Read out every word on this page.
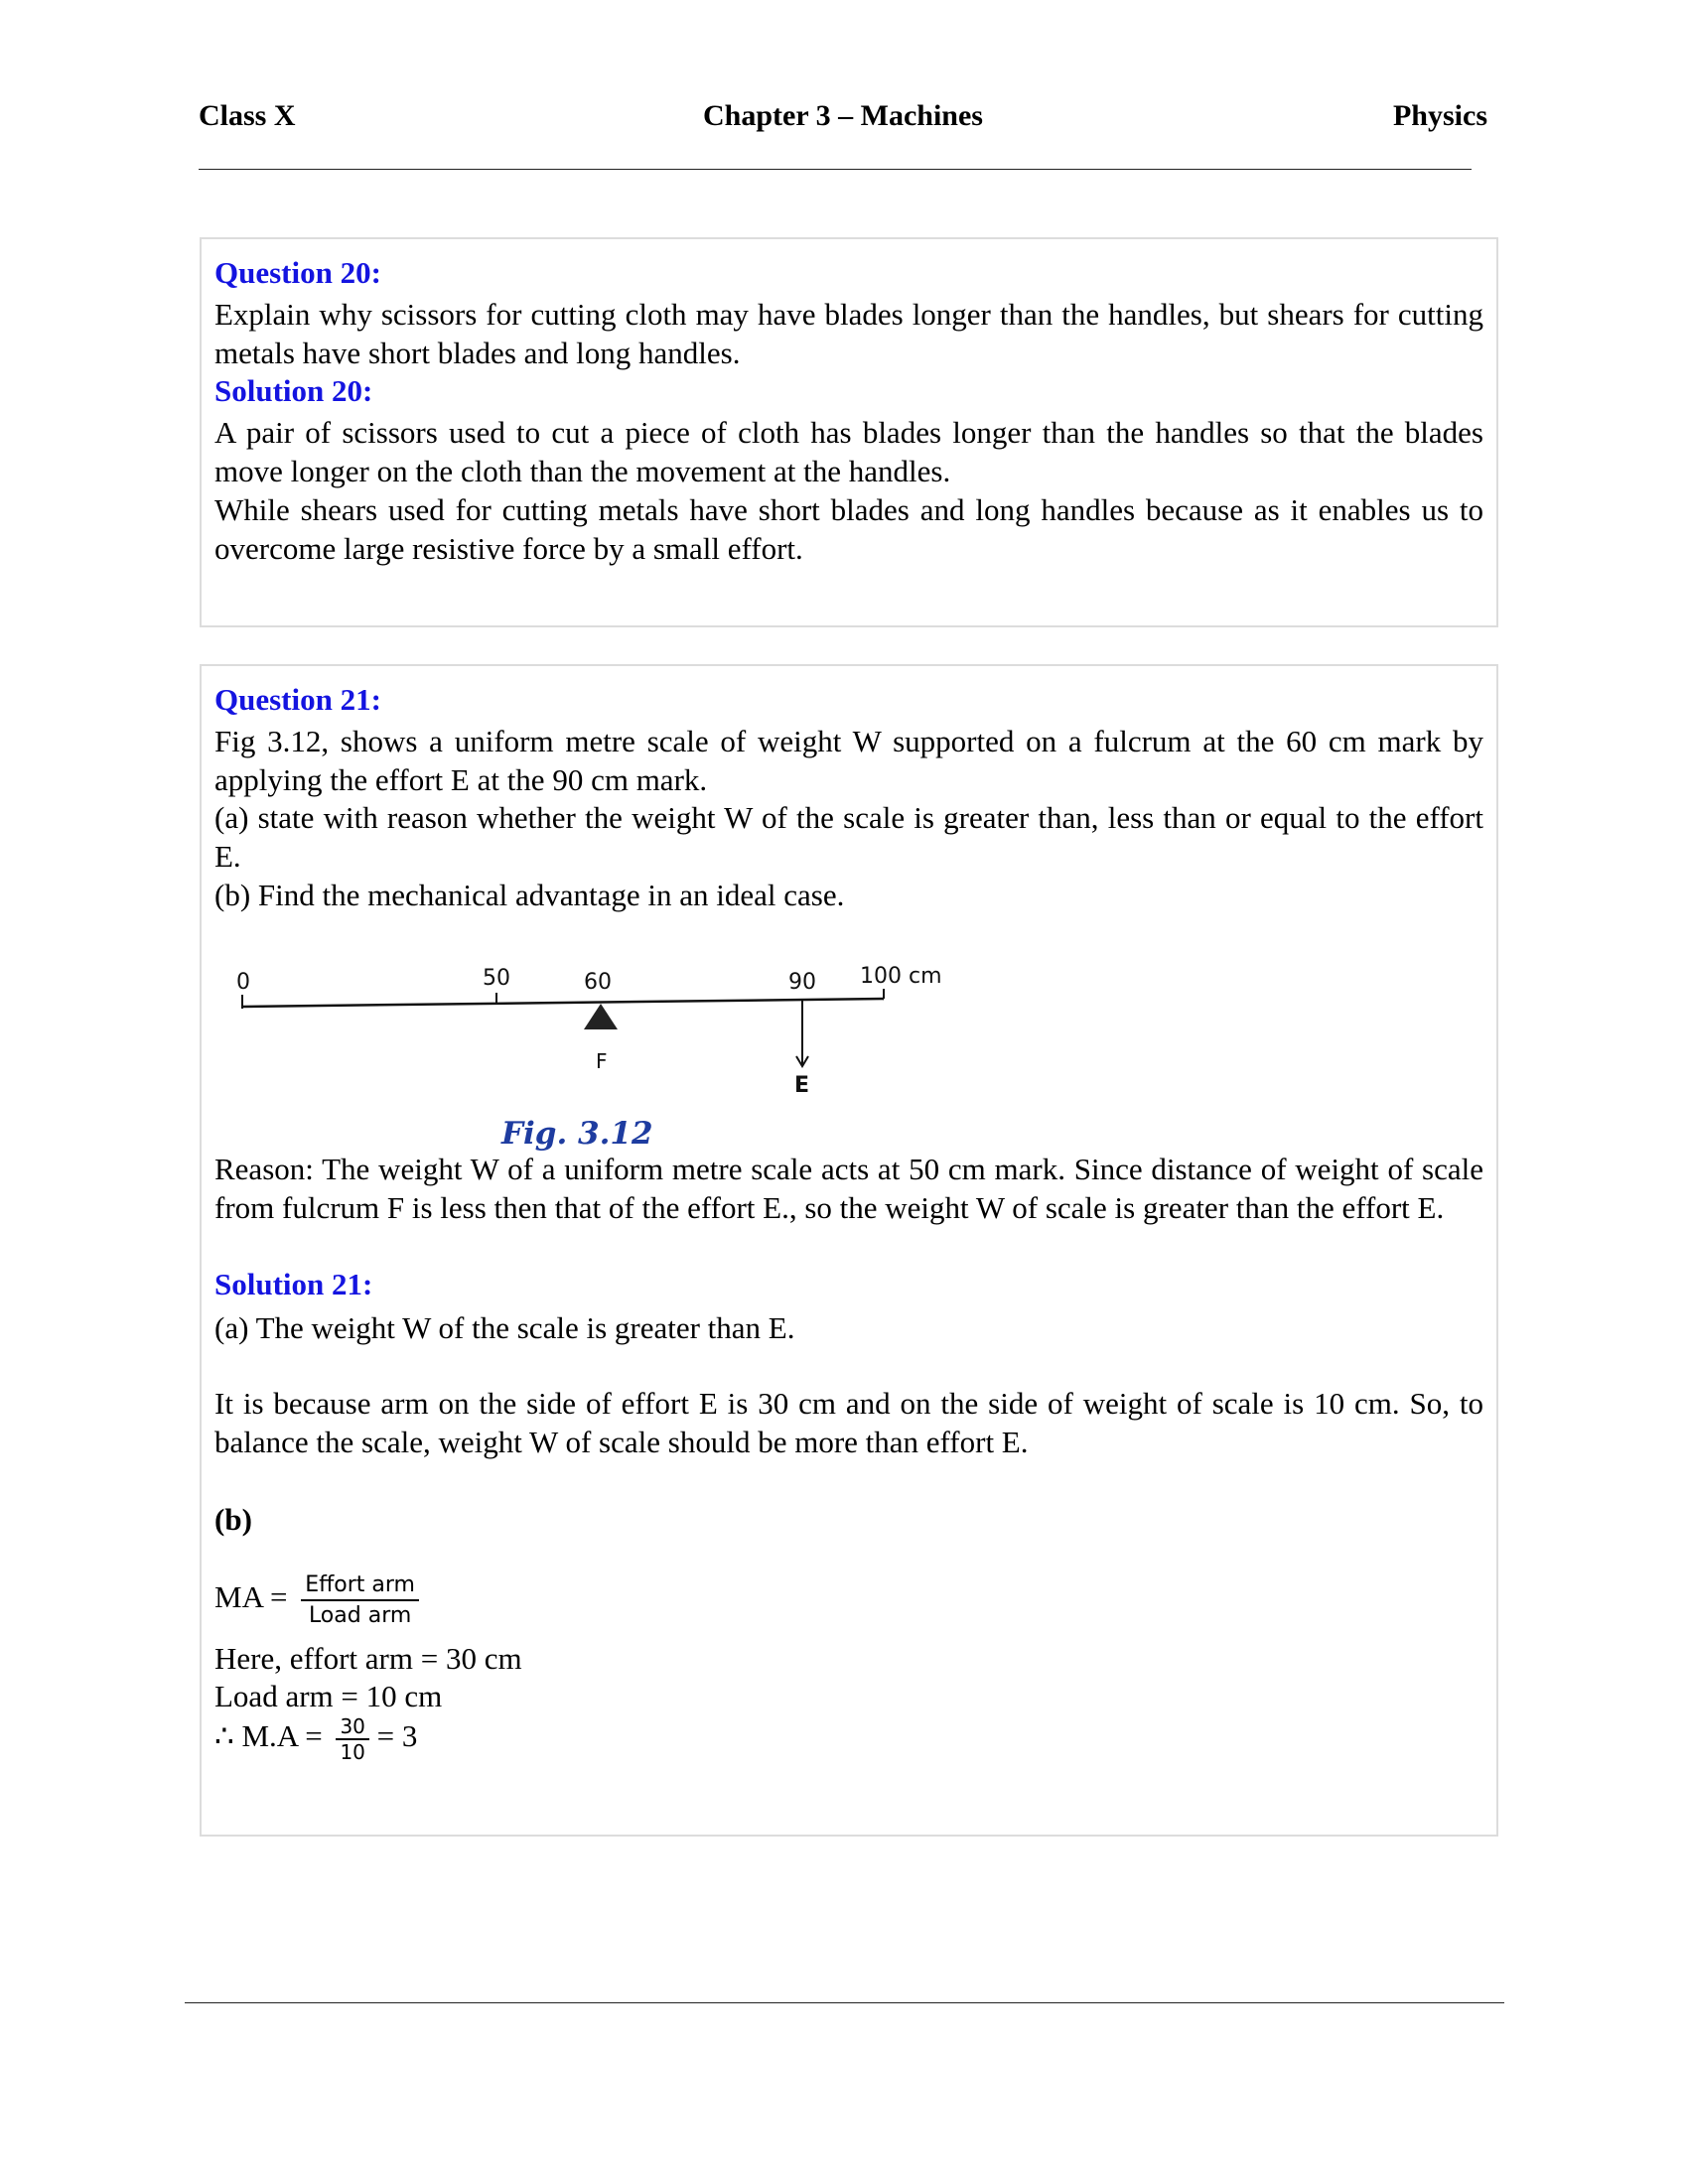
Class X	Chapter 3 – Machines	Physics
Question 20:
Explain why scissors for cutting cloth may have blades longer than the handles, but shears for cutting metals have short blades and long handles.
Solution 20:
A pair of scissors used to cut a piece of cloth has blades longer than the handles so that the blades move longer on the cloth than the movement at the handles.
While shears used for cutting metals have short blades and long handles because as it enables us to overcome large resistive force by a small effort.
Question 21:
Fig 3.12, shows a uniform metre scale of weight W supported on a fulcrum at the 60 cm mark by applying the effort E at the 90 cm mark.
(a) state with reason whether the weight W of the scale is greater than, less than or equal to the effort E.
(b) Find the mechanical advantage in an ideal case.
0	50	60	90 100 cm
F
E
Fig. 3.12
Reason: The weight W of a uniform metre scale acts at 50 cm mark. Since distance of weight of scale from fulcrum F is less then that of the effort E., so the weight W of scale is greater than the effort E.
Solution 21:
(a) The weight W of the scale is greater than E.
It is because arm on the side of effort E is 30 cm and on the side of weight of scale is 10 cm. So, to balance the scale, weight W of scale should be more than effort E.
(b)
MA = $\frac{\text{Effort arm}}{\text{Load arm}}$
Here, effort arm = 30 cm
Load arm = 10 cm
∴ $M.A = \frac{30}{10} = 3$
